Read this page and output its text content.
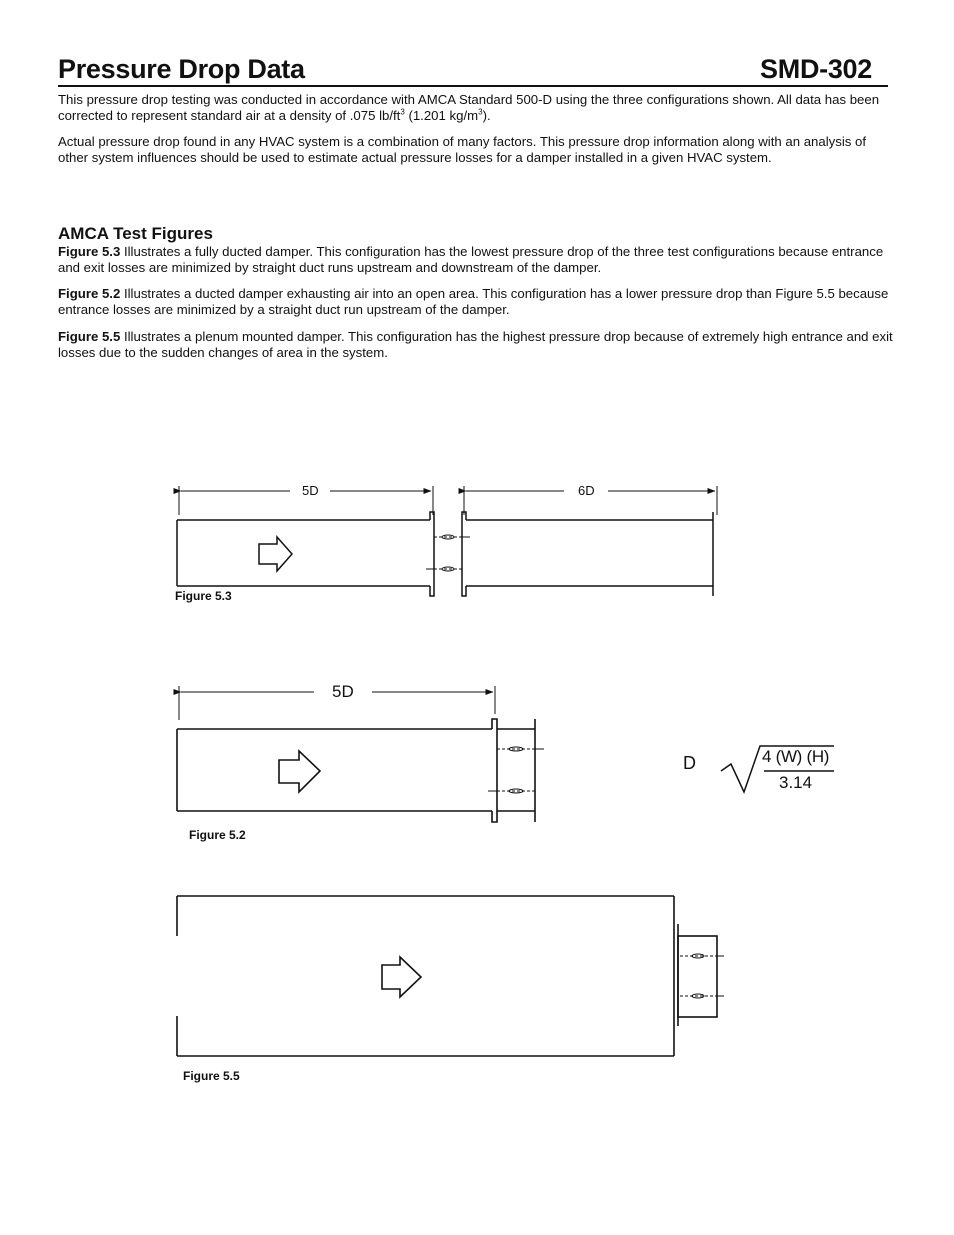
Pressure Drop Data	SMD-302
This pressure drop testing was conducted in accordance with AMCA Standard 500-D using the three configurations shown. All data has been corrected to represent standard air at a density of .075 $lb/ft^3$ (1.201 $kg/m^3$).
Actual pressure drop found in any HVAC system is a combination of many factors. This pressure drop information along with an analysis of other system influences should be used to estimate actual pressure losses for a damper installed in a given HVAC system.
AMCA Test Figures
Figure 5.3 Illustrates a fully ducted damper. This configuration has the lowest pressure drop of the three test configurations because entrance and exit losses are minimized by straight duct runs upstream and downstream of the damper.
Figure 5.2 Illustrates a ducted damper exhausting air into an open area. This configuration has a lower pressure drop than Figure 5.5 because entrance losses are minimized by a straight duct run upstream of the damper.
Figure 5.5 Illustrates a plenum mounted damper. This configuration has the highest pressure drop because of extremely high entrance and exit losses due to the sudden changes of area in the system.
5D	6D
Figure 5.3
5D
Figure 5.2
D	4 (W) (H)
3.14
Figure 5.5
